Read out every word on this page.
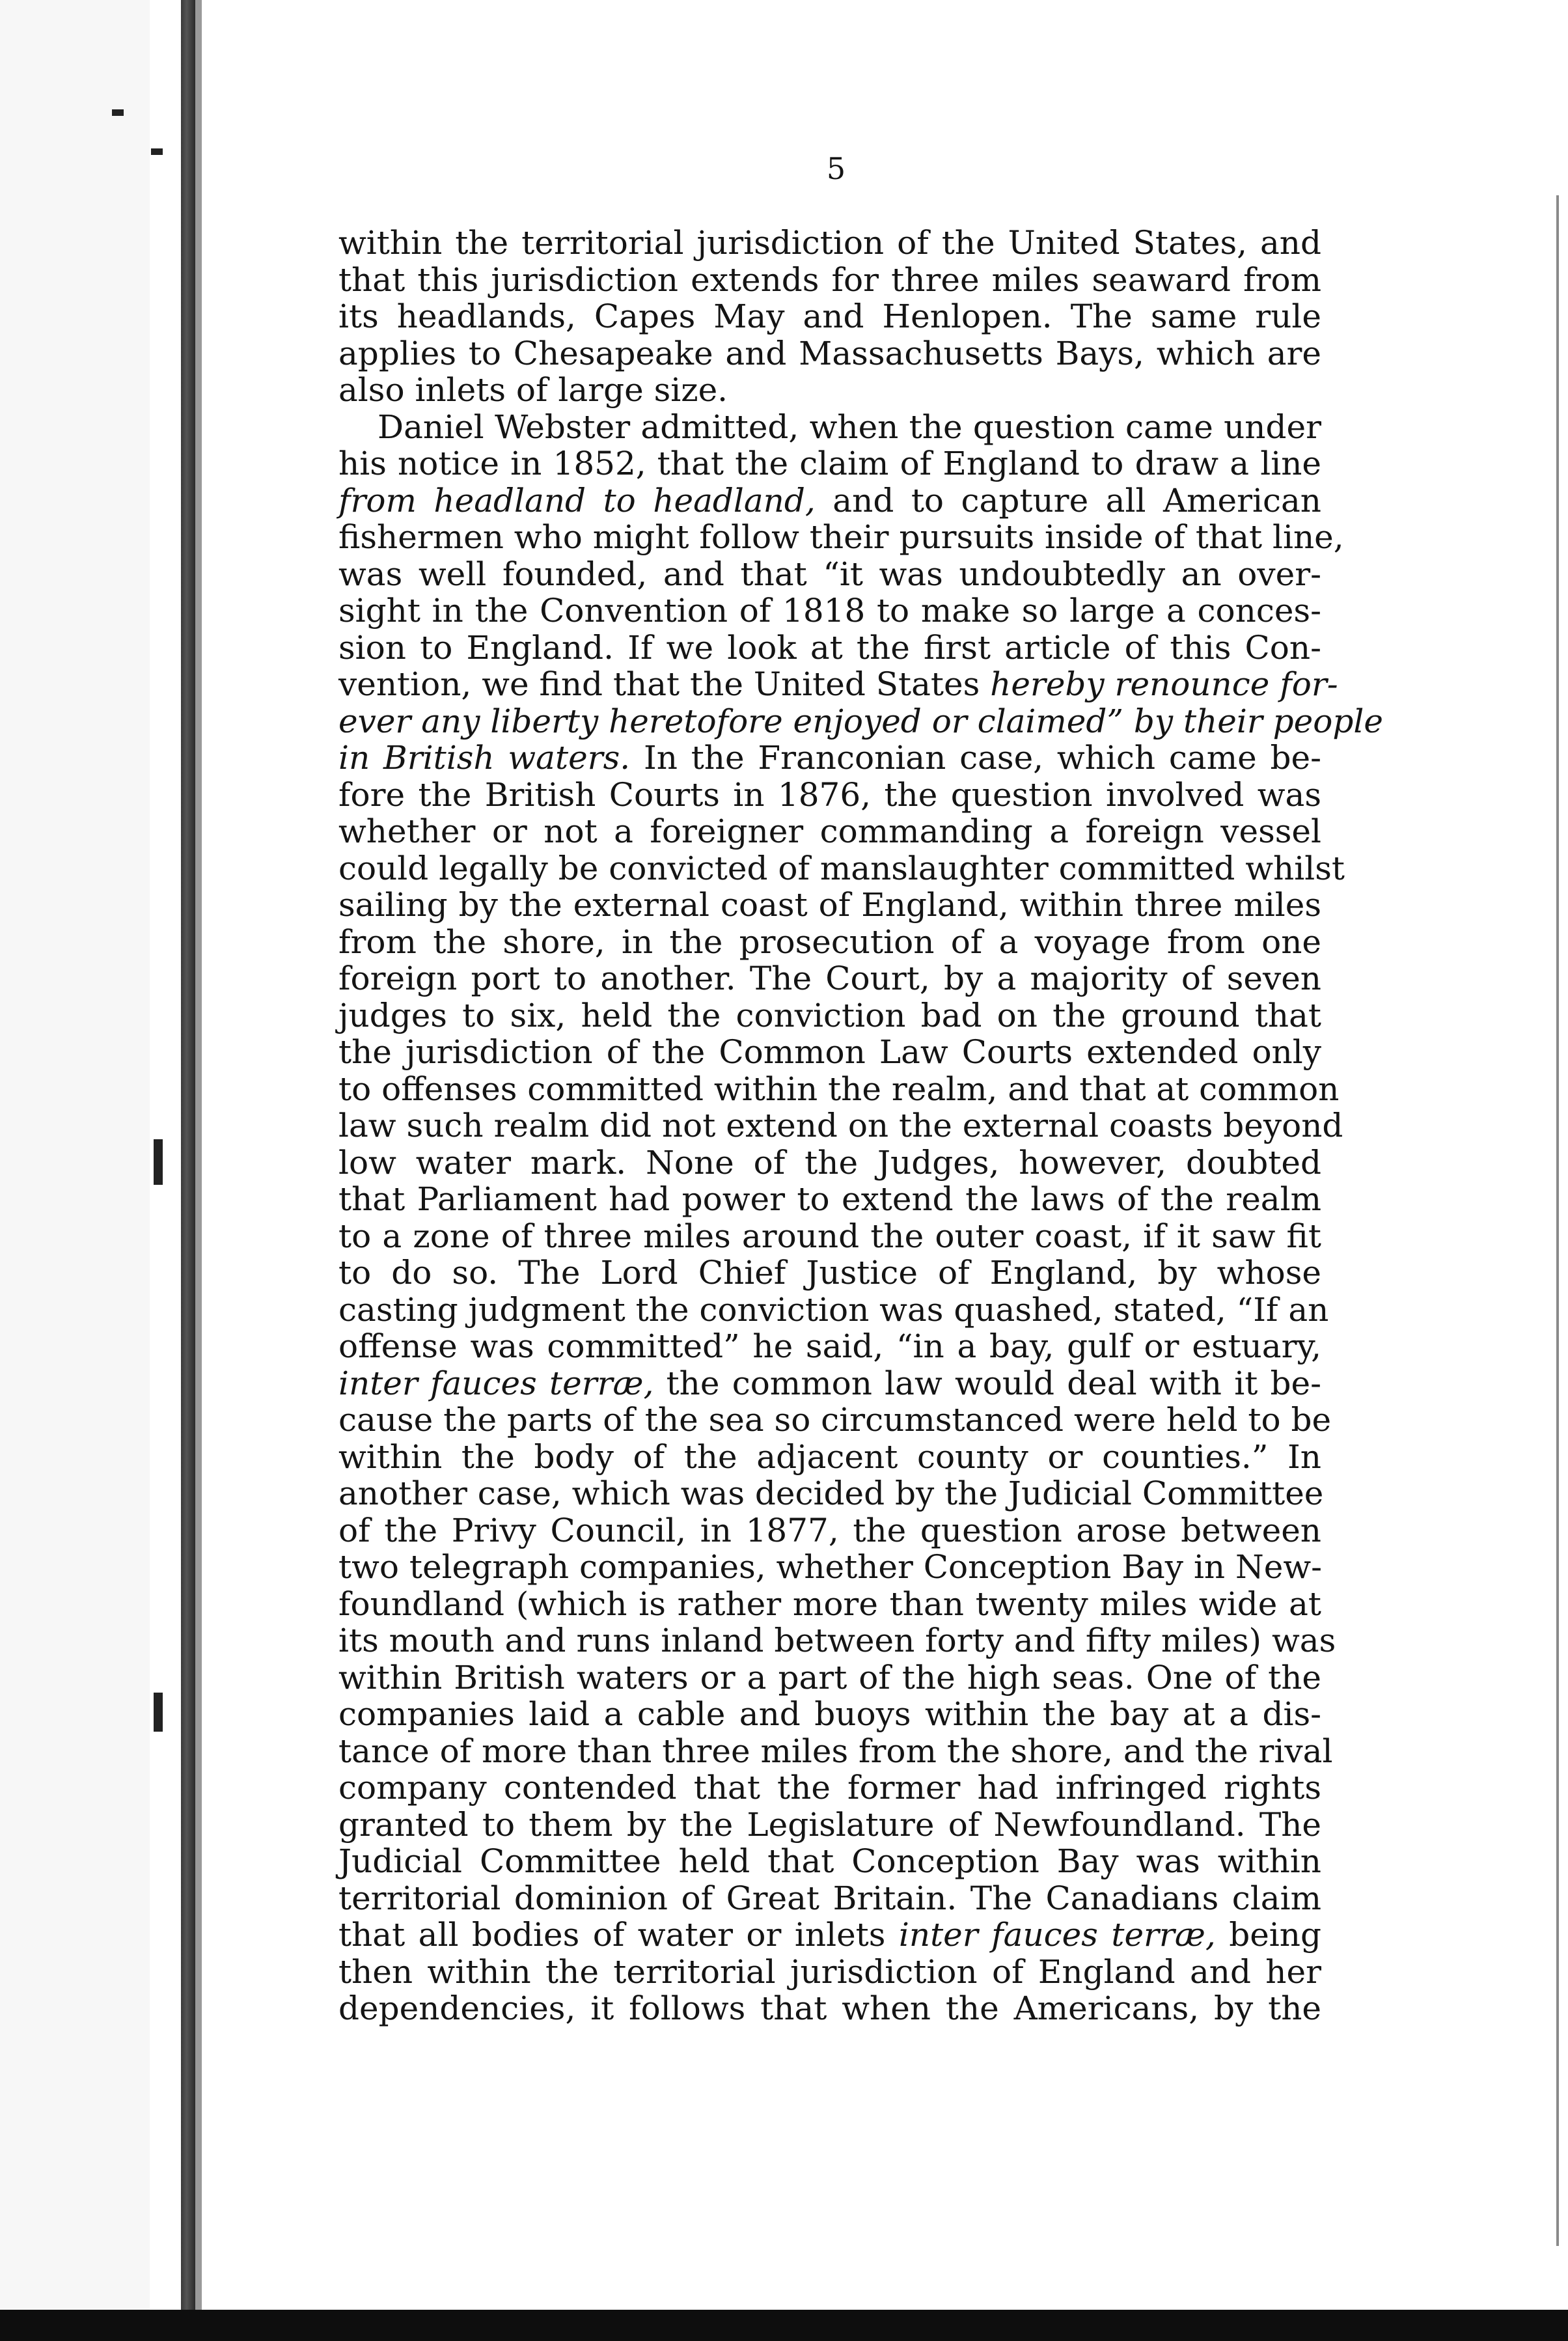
5
within the territorial jurisdiction of the United States, and
that this jurisdiction extends for three miles seaward from
its headlands, Capes May and Henlopen. The same rule
applies to Chesapeake and Massachusetts Bays, which are
also inlets of large size.
Daniel Webster admitted, when the question came under
his notice in 1852, that the claim of England to draw a line
from headland to headland, and to capture all American
fishermen who might follow their pursuits inside of that line,
was well founded, and that “it was undoubtedly an over-
sight in the Convention of 1818 to make so large a conces-
sion to England. If we look at the first article of this Con-
vention, we find that the United States hereby renounce for-
ever any liberty heretofore enjoyed or claimed” by their people
in British waters. In the Franconian case, which came be-
fore the British Courts in 1876, the question involved was
whether or not a foreigner commanding a foreign vessel
could legally be convicted of manslaughter committed whilst
sailing by the external coast of England, within three miles
from the shore, in the prosecution of a voyage from one
foreign port to another. The Court, by a majority of seven
judges to six, held the conviction bad on the ground that
the jurisdiction of the Common Law Courts extended only
to offenses committed within the realm, and that at common
law such realm did not extend on the external coasts beyond
low water mark. None of the Judges, however, doubted
that Parliament had power to extend the laws of the realm
to a zone of three miles around the outer coast, if it saw fit
to do so. The Lord Chief Justice of England, by whose
casting judgment the conviction was quashed, stated, “If an
offense was committed” he said, “in a bay, gulf or estuary,
inter fauces terræ, the common law would deal with it be-
cause the parts of the sea so circumstanced were held to be
within the body of the adjacent county or counties.” In
another case, which was decided by the Judicial Committee
of the Privy Council, in 1877, the question arose between
two telegraph companies, whether Conception Bay in New-
foundland (which is rather more than twenty miles wide at
its mouth and runs inland between forty and fifty miles) was
within British waters or a part of the high seas. One of the
companies laid a cable and buoys within the bay at a dis-
tance of more than three miles from the shore, and the rival
company contended that the former had infringed rights
granted to them by the Legislature of Newfoundland. The
Judicial Committee held that Conception Bay was within
territorial dominion of Great Britain. The Canadians claim
that all bodies of water or inlets inter fauces terræ, being
then within the territorial jurisdiction of England and her
dependencies, it follows that when the Americans, by the
